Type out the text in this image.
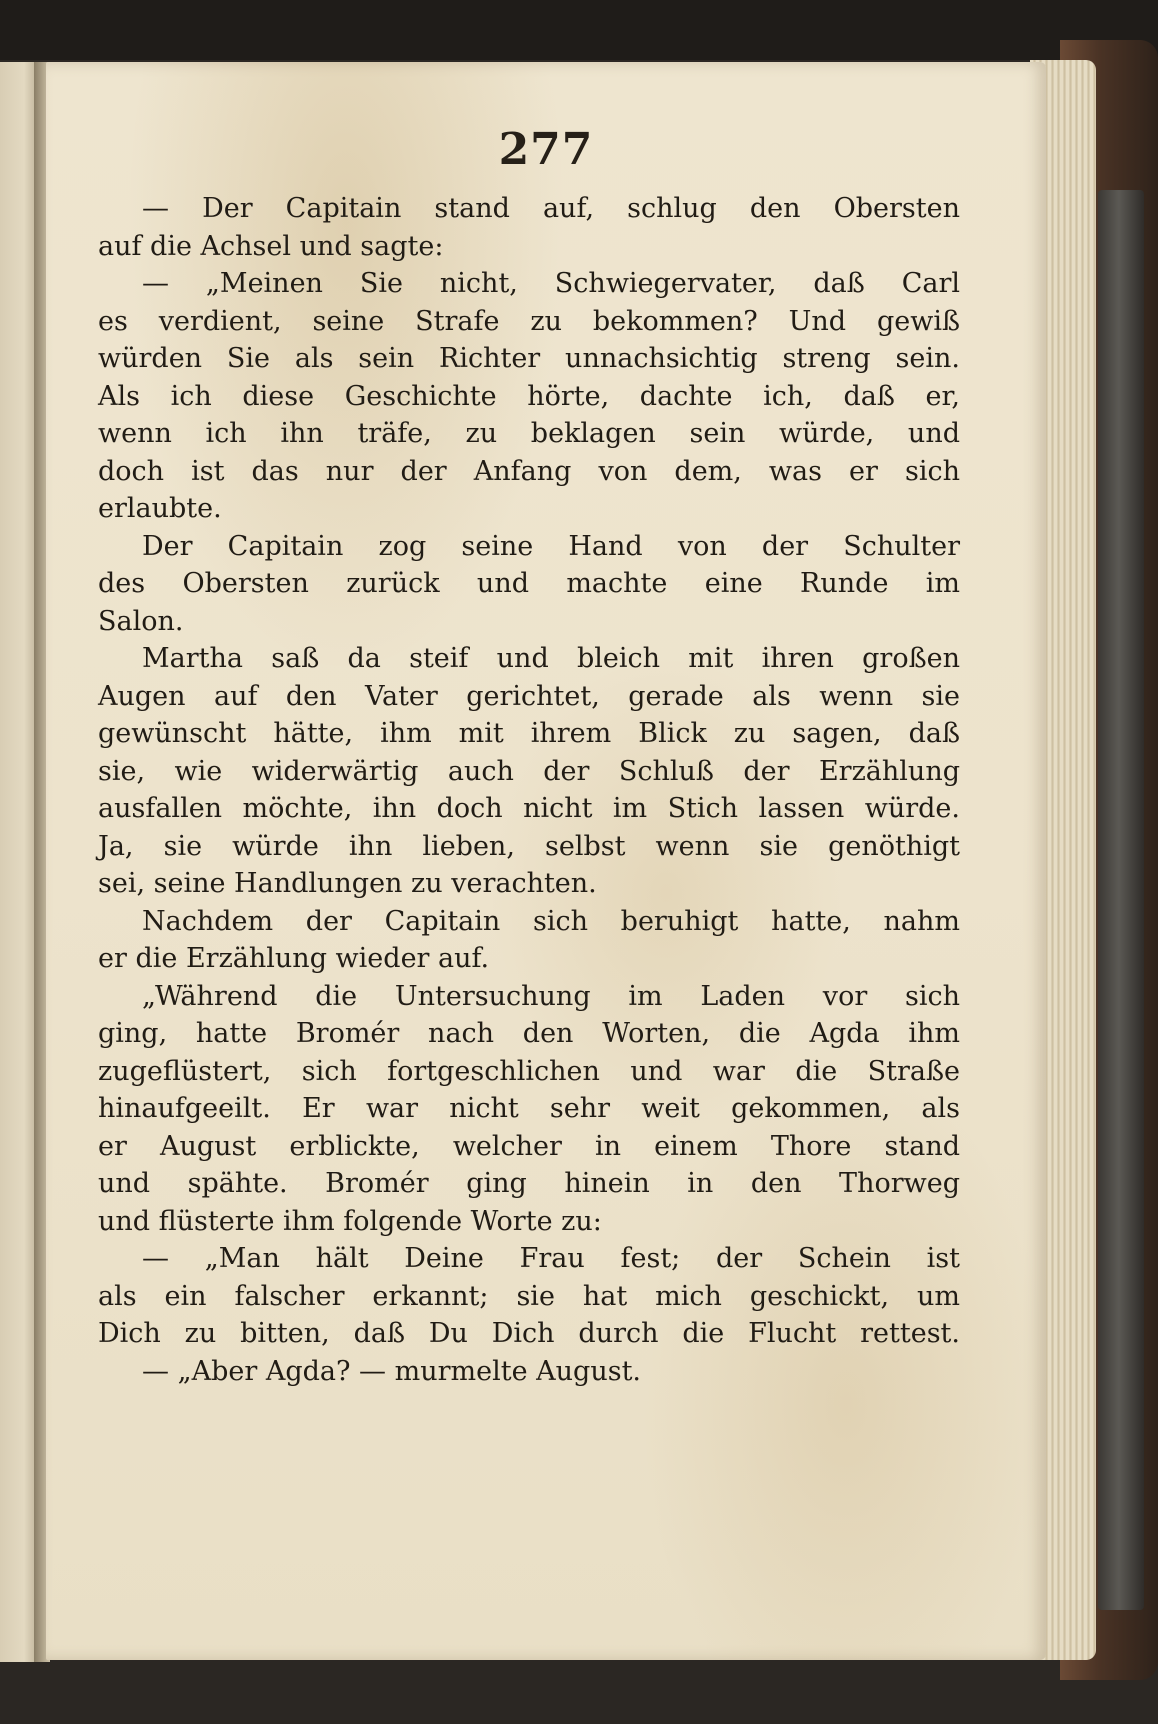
277
— Der Capitain stand auf, schlug den Obersten
auf die Achsel und sagte:
— „Meinen Sie nicht, Schwiegervater, daß Carl
es verdient, seine Strafe zu bekommen? Und gewiß
würden Sie als sein Richter unnachsichtig streng sein.
Als ich diese Geschichte hörte, dachte ich, daß er,
wenn ich ihn träfe, zu beklagen sein würde, und
doch ist das nur der Anfang von dem, was er sich
erlaubte.
Der Capitain zog seine Hand von der Schulter
des Obersten zurück und machte eine Runde im
Salon.
Martha saß da steif und bleich mit ihren großen
Augen auf den Vater gerichtet, gerade als wenn sie
gewünscht hätte, ihm mit ihrem Blick zu sagen, daß
sie, wie widerwärtig auch der Schluß der Erzählung
ausfallen möchte, ihn doch nicht im Stich lassen würde.
Ja, sie würde ihn lieben, selbst wenn sie genöthigt
sei, seine Handlungen zu verachten.
Nachdem der Capitain sich beruhigt hatte, nahm
er die Erzählung wieder auf.
„Während die Untersuchung im Laden vor sich
ging, hatte Bromér nach den Worten, die Agda ihm
zugeflüstert, sich fortgeschlichen und war die Straße
hinaufgeeilt. Er war nicht sehr weit gekommen, als
er August erblickte, welcher in einem Thore stand
und spähte. Bromér ging hinein in den Thorweg
und flüsterte ihm folgende Worte zu:
— „Man hält Deine Frau fest; der Schein ist
als ein falscher erkannt; sie hat mich geschickt, um
Dich zu bitten, daß Du Dich durch die Flucht rettest.
— „Aber Agda? — murmelte August.
